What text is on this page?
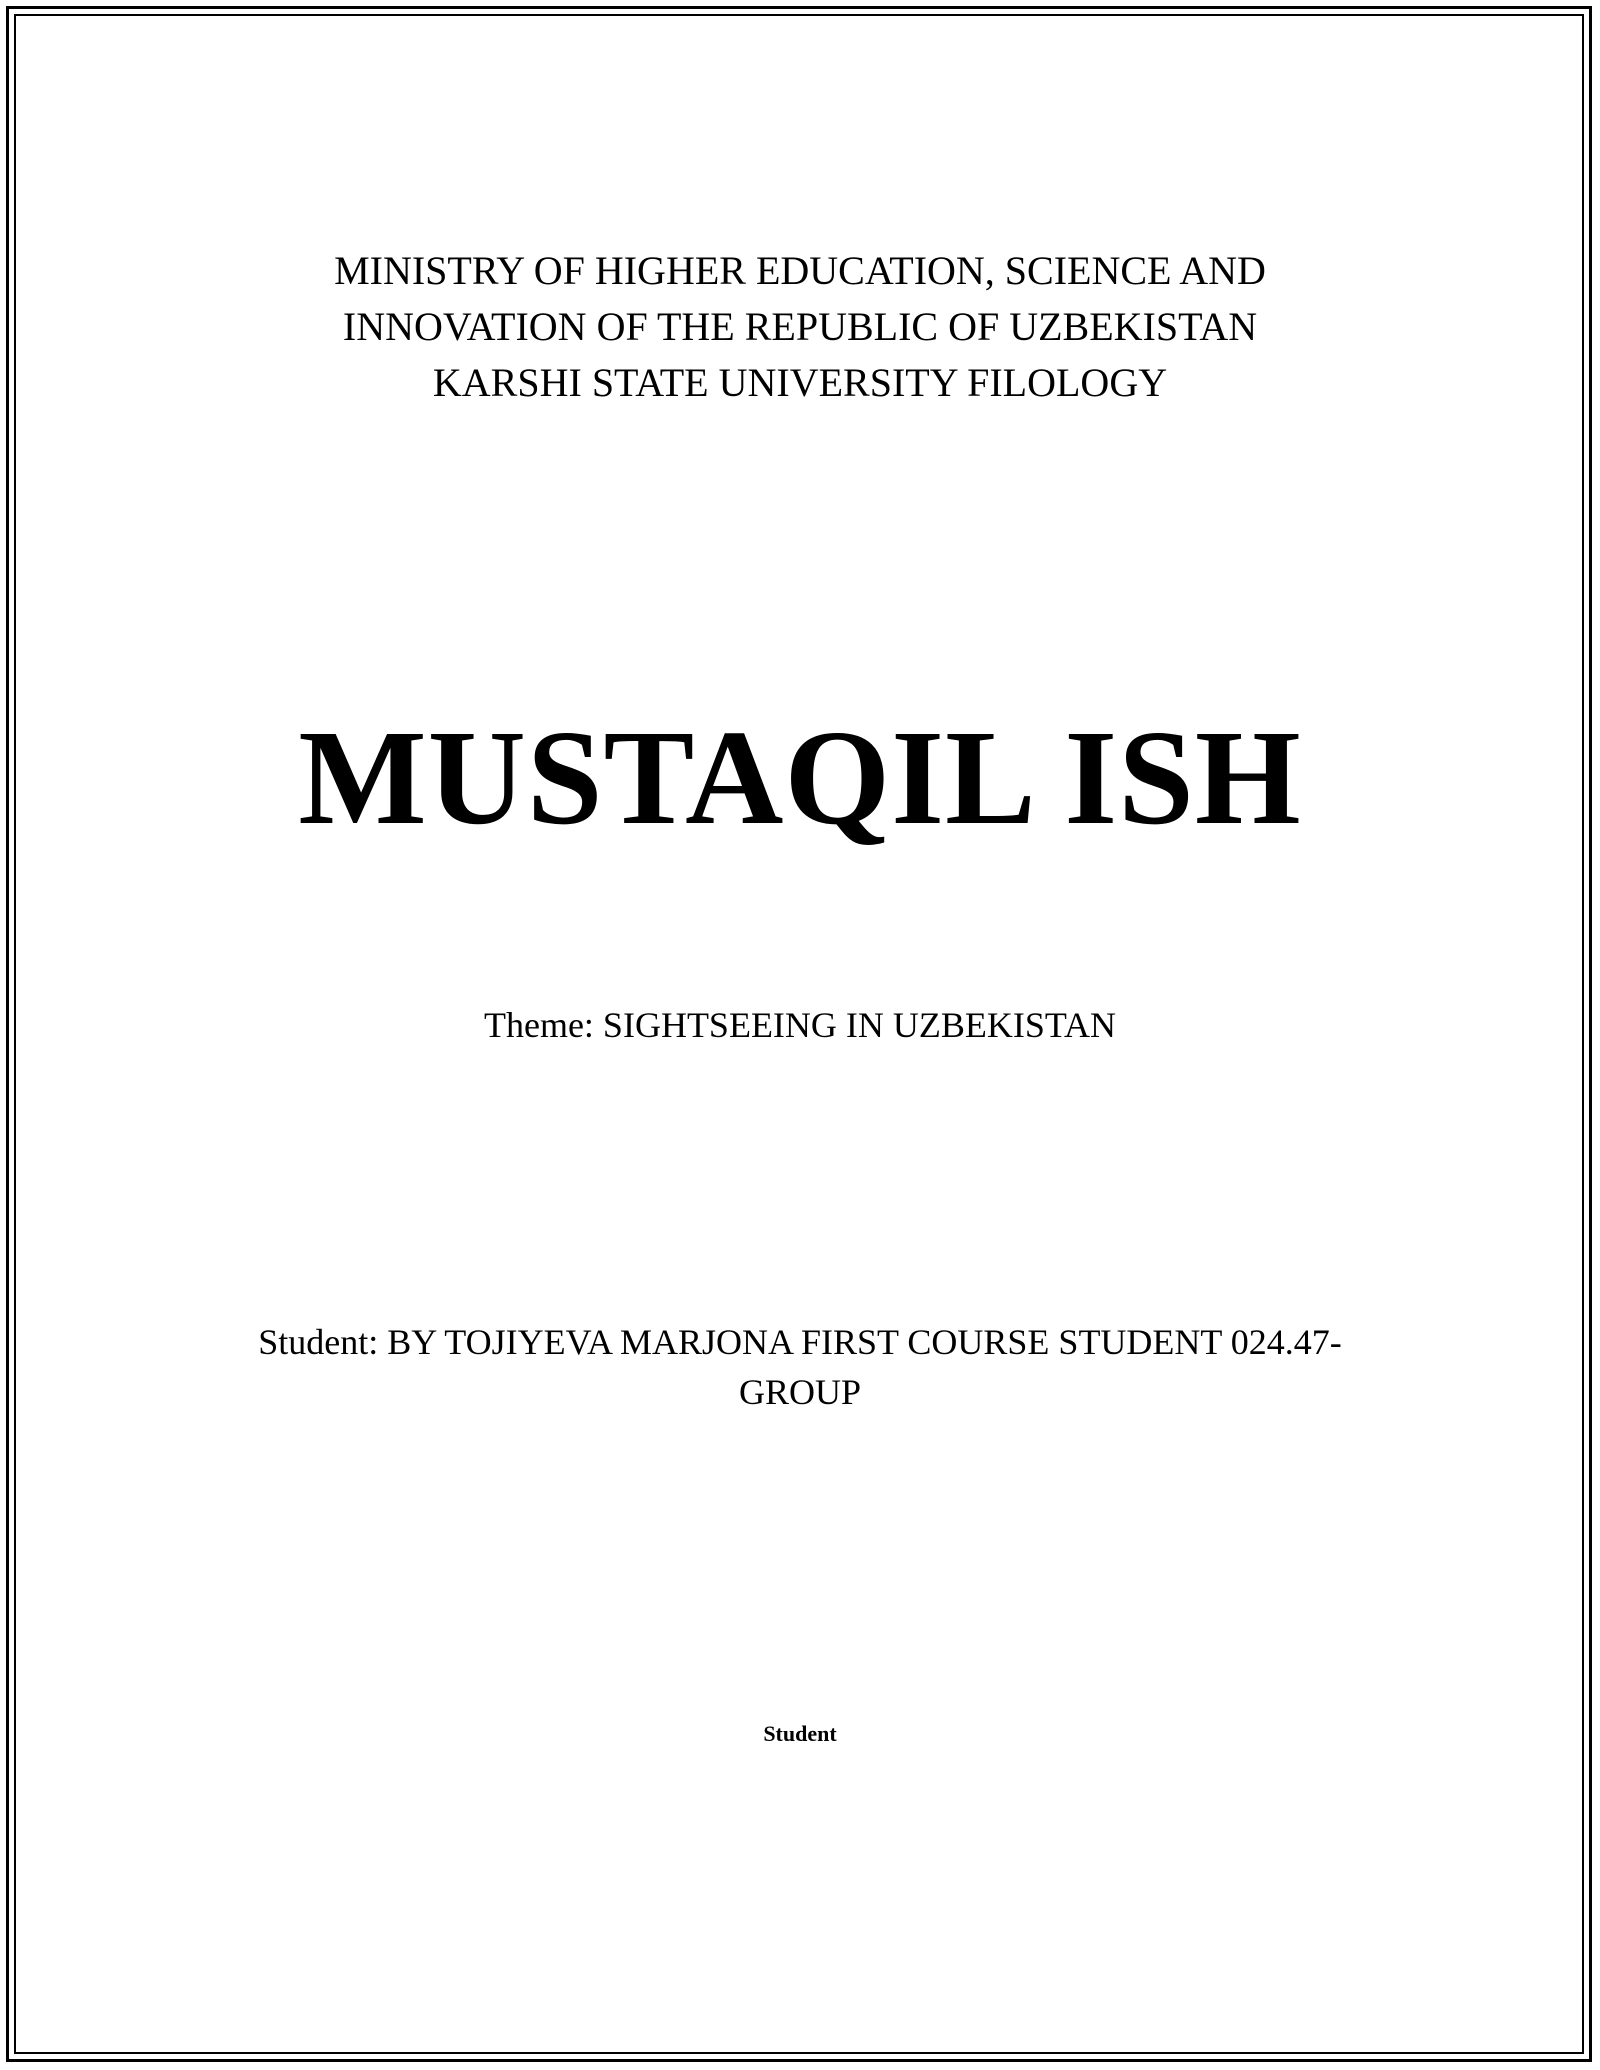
MINISTRY OF HIGHER EDUCATION, SCIENCE AND
INNOVATION OF THE REPUBLIC OF UZBEKISTAN
KARSHI STATE UNIVERSITY FILOLOGY
MUSTAQIL ISH
Theme: SIGHTSEEING IN UZBEKISTAN
Student: BY TOJIYEVA MARJONA FIRST COURSE STUDENT 024.47-
GROUP
Student
